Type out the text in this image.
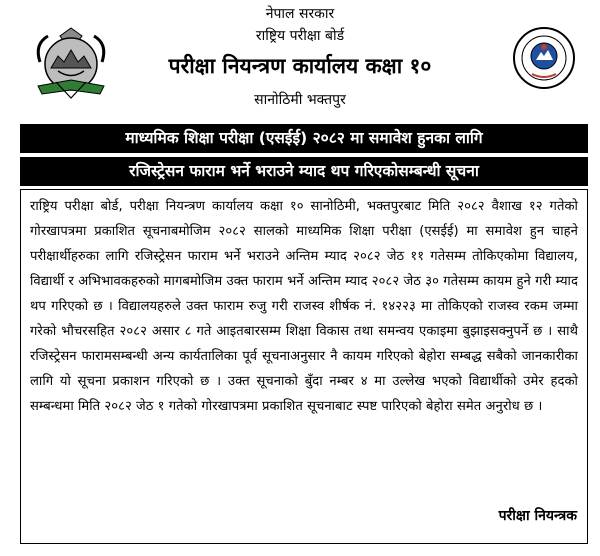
नेपाल सरकार
राष्ट्रिय परीक्षा बोर्ड
परीक्षा नियन्त्रण कार्यालय कक्षा १०
सानोठिमी भक्तपुर
माध्यमिक शिक्षा परीक्षा (एसईई) २०८२ मा समावेश हुनका लागि
रजिस्ट्रेसन फाराम भर्ने भराउने म्याद थप गरिएकोसम्बन्धी सूचना
राष्ट्रिय परीक्षा बोर्ड, परीक्षा नियन्त्रण कार्यालय कक्षा १० सानोठिमी, भक्तपुरबाट मिति २०८२ वैशाख १२ गतेको गोरखापत्रमा प्रकाशित सूचनाबमोजिम २०८२ सालको माध्यमिक शिक्षा परीक्षा (एसईई) मा समावेश हुन चाहने परीक्षार्थीहरुका लागि रजिस्ट्रेसन फाराम भर्ने भराउने अन्तिम म्याद २०८२ जेठ ११ गतेसम्म तोकिएकोमा विद्यालय, विद्यार्थी र अभिभावकहरुको मागबमोजिम उक्त फाराम भर्ने अन्तिम म्याद २०८२ जेठ ३० गतेसम्म कायम हुने गरी म्याद थप गरिएको छ । विद्यालयहरुले उक्त फाराम रुजु गरी राजस्व शीर्षक नं. १४२२३ मा तोकिएको राजस्व रकम जम्मा गरेको भौचरसहित २०८२ असार ८ गते आइतबारसम्म शिक्षा विकास तथा समन्वय एकाइमा बुझाइसक्नुपर्ने छ । साथै रजिस्ट्रेसन फारामसम्बन्धी अन्य कार्यतालिका पूर्व सूचनाअनुसार नै कायम गरिएको बेहोरा सम्बद्ध सबैको जानकारीका लागि यो सूचना प्रकाशन गरिएको छ । उक्त सूचनाको बुँदा नम्बर ४ मा उल्लेख भएको विद्यार्थीको उमेर हदको सम्बन्धमा मिति २०८२ जेठ १ गतेको गोरखापत्रमा प्रकाशित सूचनाबाट स्पष्ट पारिएको बेहोरा समेत अनुरोध छ ।
परीक्षा नियन्त्रक
